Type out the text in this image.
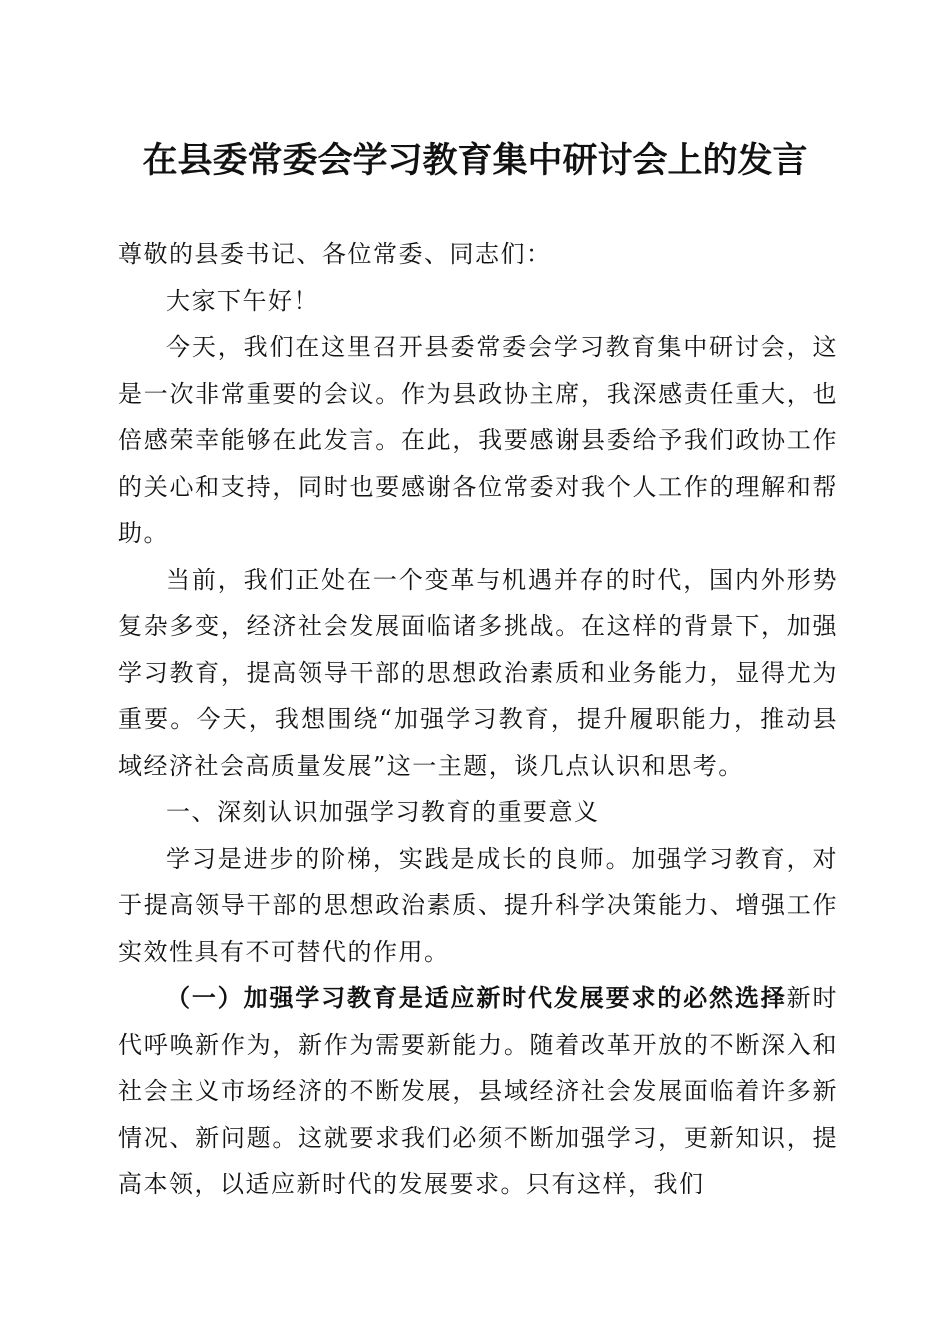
在县委常委会学习教育集中研讨会上的发言

尊敬的县委书记、各位常委、同志们：

大家下午好！

今天，我们在这里召开县委常委会学习教育集中研讨会，这是一次非常重要的会议。作为县政协主席，我深感责任重大，也倍感荣幸能够在此发言。在此，我要感谢县委给予我们政协工作的关心和支持，同时也要感谢各位常委对我个人工作的理解和帮助。

当前，我们正处在一个变革与机遇并存的时代，国内外形势复杂多变，经济社会发展面临诸多挑战。在这样的背景下，加强学习教育，提高领导干部的思想政治素质和业务能力，显得尤为重要。今天，我想围绕“加强学习教育，提升履职能力，推动县域经济社会高质量发展”这一主题，谈几点认识和思考。

一、深刻认识加强学习教育的重要意义

学习是进步的阶梯，实践是成长的良师。加强学习教育，对于提高领导干部的思想政治素质、提升科学决策能力、增强工作实效性具有不可替代的作用。

（一）加强学习教育是适应新时代发展要求的必然选择新时代呼唤新作为，新作为需要新能力。随着改革开放的不断深入和社会主义市场经济的不断发展，县域经济社会发展面临着许多新情况、新问题。这就要求我们必须不断加强学习，更新知识，提高本领，以适应新时代的发展要求。只有这样，我们
